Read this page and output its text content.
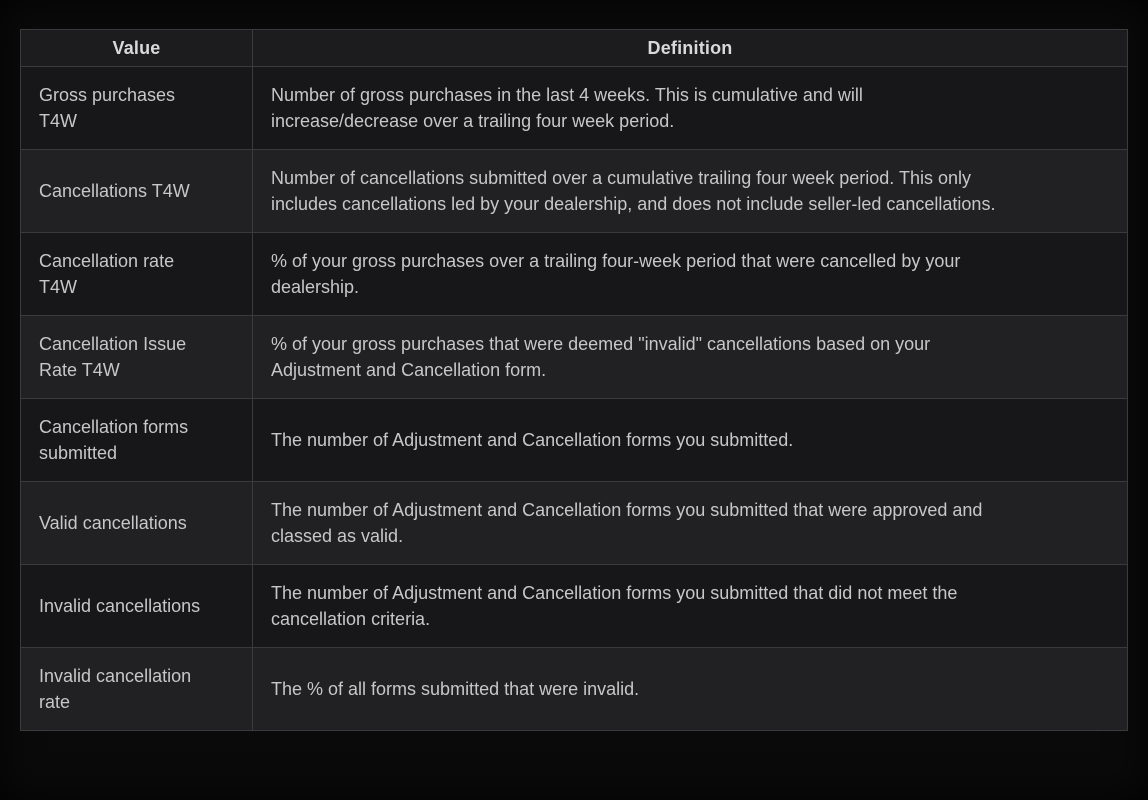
Value	Definition

Gross purchases T4W	Number of gross purchases in the last 4 weeks. This is cumulative and will increase/decrease over a trailing four week period.

Cancellations T4W	Number of cancellations submitted over a cumulative trailing four week period. This only includes cancellations led by your dealership, and does not include seller-led cancellations.

Cancellation rate T4W	% of your gross purchases over a trailing four-week period that were cancelled by your dealership.

Cancellation Issue Rate T4W	% of your gross purchases that were deemed "invalid" cancellations based on your Adjustment and Cancellation form.

Cancellation forms submitted	The number of Adjustment and Cancellation forms you submitted.

Valid cancellations	The number of Adjustment and Cancellation forms you submitted that were approved and classed as valid.

Invalid cancellations	The number of Adjustment and Cancellation forms you submitted that did not meet the cancellation criteria.

Invalid cancellation rate	The % of all forms submitted that were invalid.
